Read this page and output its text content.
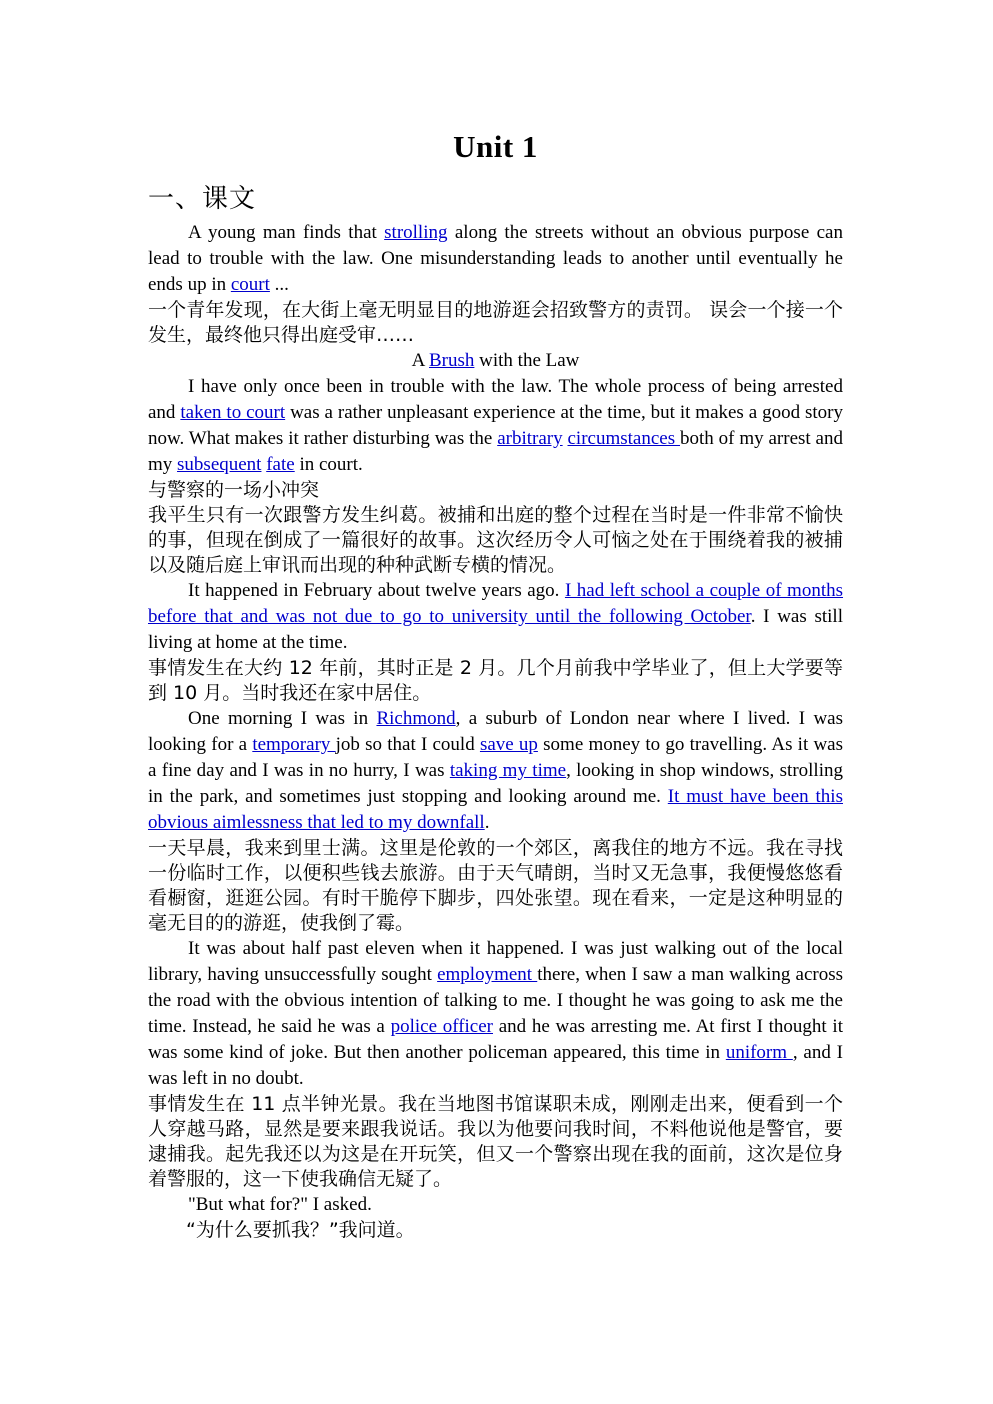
Unit 1
一、课文

A young man finds that strolling along the streets without an obvious purpose can lead to trouble with the law. One misunderstanding leads to another until eventually he ends up in court ...

一个青年发现，在大街上毫无明显目的地游逛会招致警方的责罚。 误会一个接一个发生，最终他只得出庭受审……

A Brush with the Law

I have only once been in trouble with the law. The whole process of being arrested and taken to court was a rather unpleasant experience at the time, but it makes a good story now. What makes it rather disturbing was the arbitrary circumstances both of my arrest and my subsequent fate in court.

与警察的一场小冲突

我平生只有一次跟警方发生纠葛。被捕和出庭的整个过程在当时是一件非常不愉快的事，但现在倒成了一篇很好的故事。这次经历令人可恼之处在于围绕着我的被捕以及随后庭上审讯而出现的种种武断专横的情况。

It happened in February about twelve years ago. I had left school a couple of months before that and was not due to go to university until the following October. I was still living at home at the time.

事情发生在大约 12 年前，其时正是 2 月。几个月前我中学毕业了，但上大学要等到 10 月。当时我还在家中居住。

One morning I was in Richmond, a suburb of London near where I lived. I was looking for a temporary job so that I could save up some money to go travelling. As it was a fine day and I was in no hurry, I was taking my time, looking in shop windows, strolling in the park, and sometimes just stopping and looking around me. It must have been this obvious aimlessness that led to my downfall.

一天早晨，我来到里士满。这里是伦敦的一个郊区，离我住的地方不远。我在寻找一份临时工作，以便积些钱去旅游。由于天气晴朗，当时又无急事，我便慢悠悠看看橱窗，逛逛公园。有时干脆停下脚步，四处张望。现在看来，一定是这种明显的毫无目的的游逛，使我倒了霉。

It was about half past eleven when it happened. I was just walking out of the local library, having unsuccessfully sought employment there, when I saw a man walking across the road with the obvious intention of talking to me. I thought he was going to ask me the time. Instead, he said he was a police officer and he was arresting me. At first I thought it was some kind of joke. But then another policeman appeared, this time in uniform , and I was left in no doubt.

事情发生在 11 点半钟光景。我在当地图书馆谋职未成，刚刚走出来，便看到一个人穿越马路，显然是要来跟我说话。我以为他要问我时间，不料他说他是警官，要逮捕我。起先我还以为这是在开玩笑，但又一个警察出现在我的面前，这次是位身着警服的，这一下使我确信无疑了。

"But what for?" I asked.

“为什么要抓我？”我问道。
